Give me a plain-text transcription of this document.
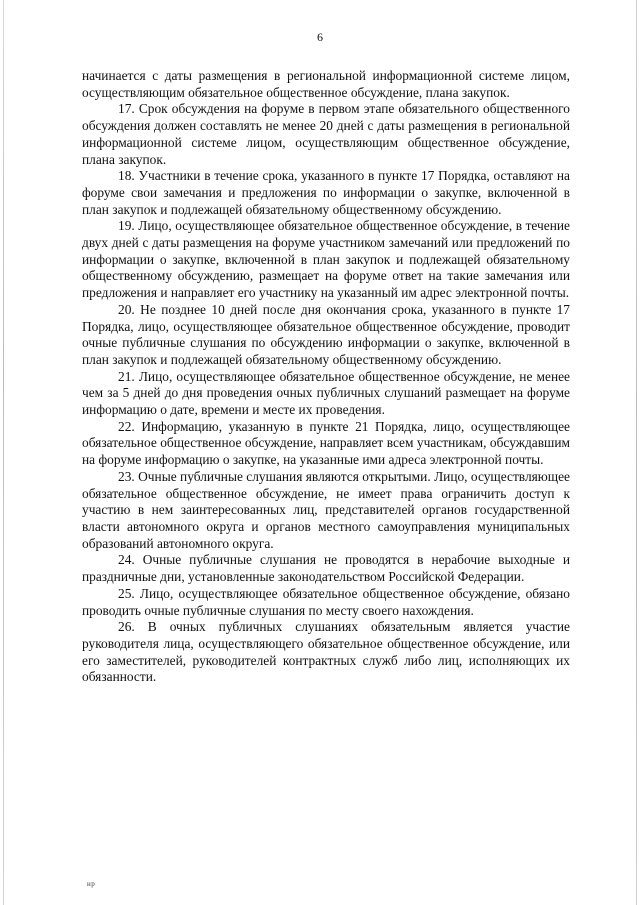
6

начинается с даты размещения в региональной информационной системе лицом, осуществляющим обязательное общественное обсуждение, плана закупок.

17. Срок обсуждения на форуме в первом этапе обязательного общественного обсуждения должен составлять не менее 20 дней с даты размещения в региональной информационной системе лицом, осуществляющим общественное обсуждение, плана закупок.

18. Участники в течение срока, указанного в пункте 17 Порядка, оставляют на форуме свои замечания и предложения по информации о закупке, включенной в план закупок и подлежащей обязательному общественному обсуждению.

19. Лицо, осуществляющее обязательное общественное обсуждение, в течение двух дней с даты размещения на форуме участником замечаний или предложений по информации о закупке, включенной в план закупок и подлежащей обязательному общественному обсуждению, размещает на форуме ответ на такие замечания или предложения и направляет его участнику на указанный им адрес электронной почты.

20. Не позднее 10 дней после дня окончания срока, указанного в пункте 17 Порядка, лицо, осуществляющее обязательное общественное обсуждение, проводит очные публичные слушания по обсуждению информации о закупке, включенной в план закупок и подлежащей обязательному общественному обсуждению.

21. Лицо, осуществляющее обязательное общественное обсуждение, не менее чем за 5 дней до дня проведения очных публичных слушаний размещает на форуме информацию о дате, времени и месте их проведения.

22. Информацию, указанную в пункте 21 Порядка, лицо, осуществляющее обязательное общественное обсуждение, направляет всем участникам, обсуждавшим на форуме информацию о закупке, на указанные ими адреса электронной почты.

23. Очные публичные слушания являются открытыми. Лицо, осуществляющее обязательное общественное обсуждение, не имеет права ограничить доступ к участию в нем заинтересованных лиц, представителей органов государственной власти автономного округа и органов местного самоуправления муниципальных образований автономного округа.

24. Очные публичные слушания не проводятся в нерабочие выходные и праздничные дни, установленные законодательством Российской Федерации.

25. Лицо, осуществляющее обязательное общественное обсуждение, обязано проводить очные публичные слушания по месту своего нахождения.

26. В очных публичных слушаниях обязательным является участие руководителя лица, осуществляющего обязательное общественное обсуждение, или его заместителей, руководителей контрактных служб либо лиц, исполняющих их обязанности.

нр
